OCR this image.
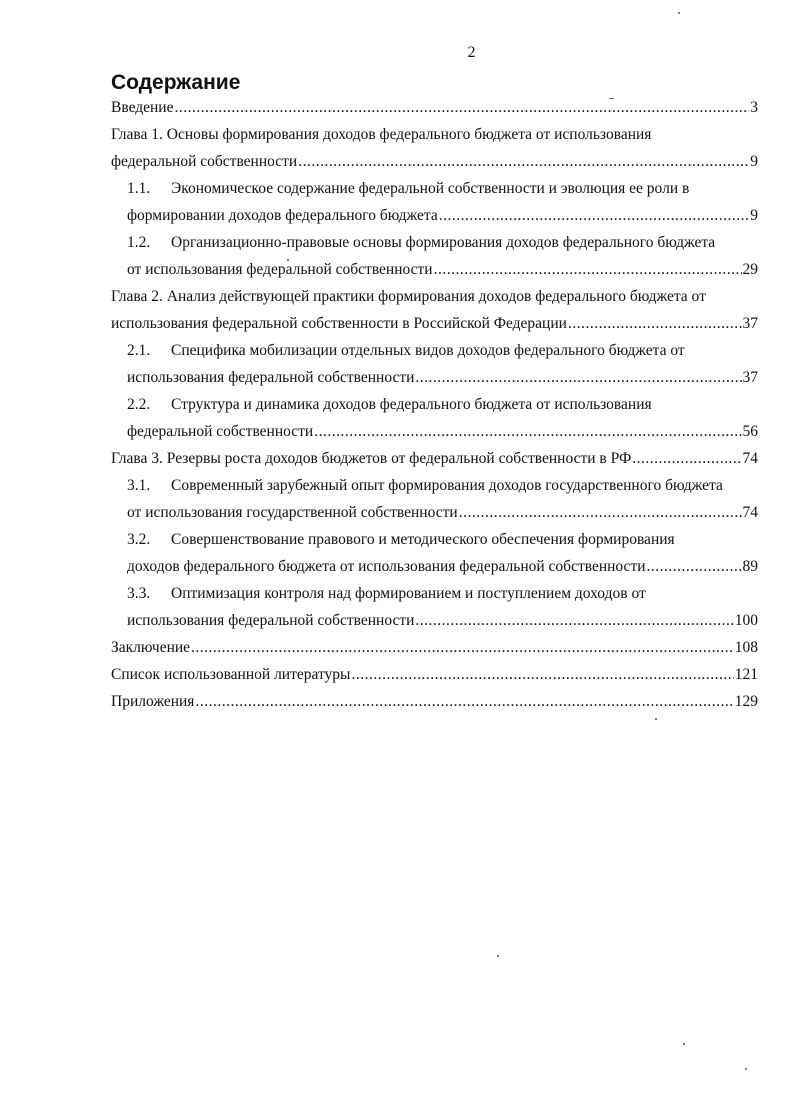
2
Содержание
Введение .....	3
Глава 1. Основы формирования доходов федерального бюджета от использования
федеральной собственности .....	9
1.1.	Экономическое содержание федеральной собственности и эволюция ее роли в
формировании доходов федерального бюджета .....	9
1.2.	Организационно-правовые основы формирования доходов федерального бюджета
от использования федеральной собственности .....	29
Глава 2. Анализ действующей практики формирования доходов федерального бюджета от
использования федеральной собственности в Российской Федерации .....	37
2.1.	Специфика мобилизации отдельных видов доходов федерального бюджета от
использования федеральной собственности .....	37
2.2.	Структура и динамика доходов федерального бюджета от использования
федеральной собственности .....	56
Глава 3. Резервы роста доходов бюджетов от федеральной собственности в РФ .....	74
3.1.	Современный зарубежный опыт формирования доходов государственного бюджета
от использования государственной собственности .....	74
3.2.	Совершенствование правового и методического обеспечения формирования
доходов федерального бюджета от использования федеральной собственности .....	89
3.3.	Оптимизация контроля над формированием и поступлением доходов от
использования федеральной собственности .....	100
Заключение .....	108
Список использованной литературы .....	121
Приложения .....	129
